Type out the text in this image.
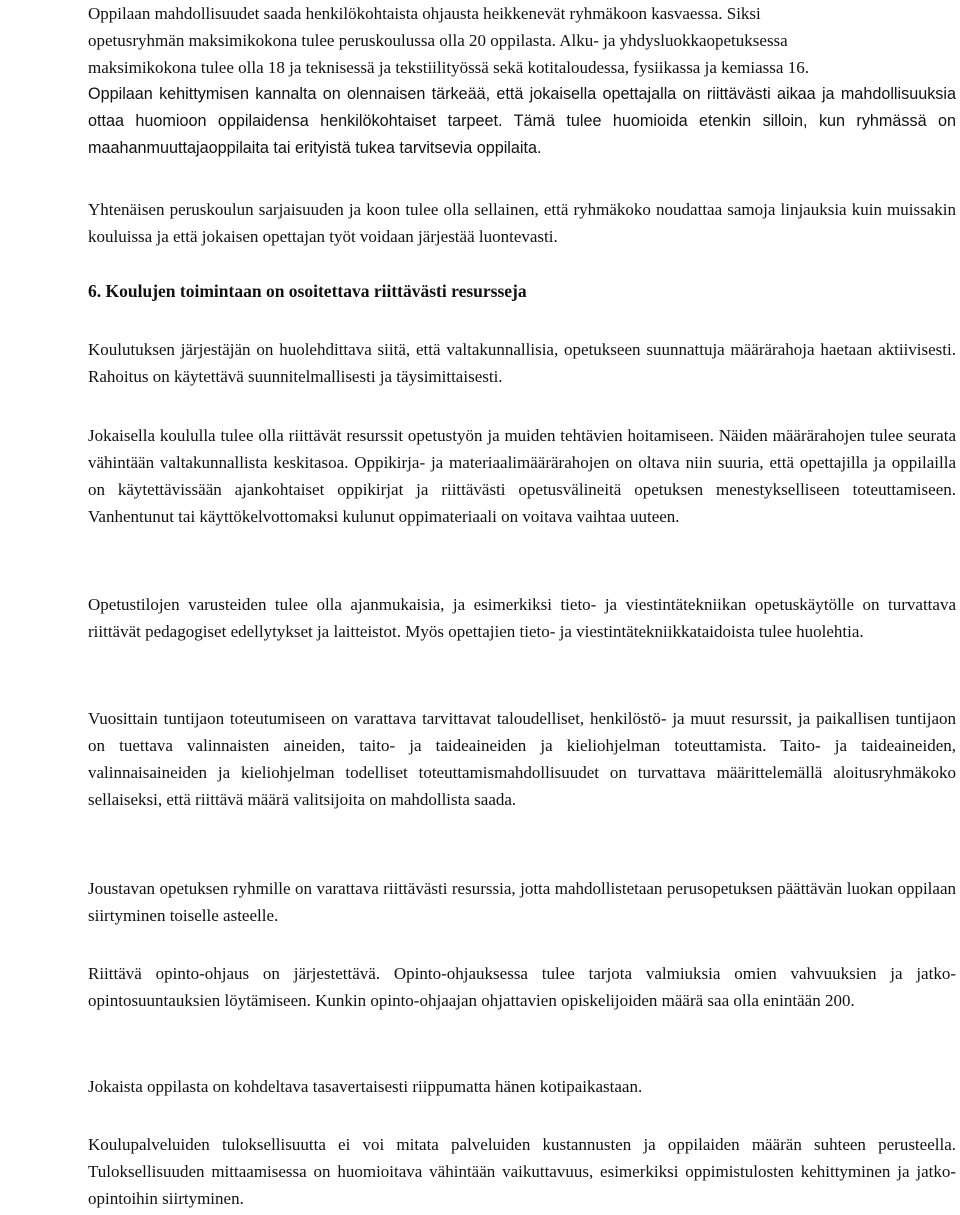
Oppilaan mahdollisuudet saada henkilökohtaista ohjausta heikkenevät ryhmäkoon kasvaessa. Siksi

opetusryhmän maksimikokona tulee peruskoulussa olla 20 oppilasta. Alku- ja yhdysluokkaopetuksessa

maksimikokona tulee olla 18 ja teknisessä ja tekstiilityössä sekä kotitaloudessa, fysiikassa ja kemiassa 16.

Oppilaan kehittymisen kannalta on olennaisen tärkeää, että jokaisella opettajalla on riittävästi aikaa ja mahdollisuuksia ottaa huomioon oppilaidensa henkilökohtaiset tarpeet. Tämä tulee huomioida etenkin silloin, kun ryhmässä on maahanmuuttajaoppilaita tai erityistä tukea tarvitsevia oppilaita.

Yhtenäisen peruskoulun sarjaisuuden ja koon tulee olla sellainen, että ryhmäkoko noudattaa samoja linjauksia kuin muissakin kouluissa ja että jokaisen opettajan työt voidaan järjestää luontevasti.

6. Koulujen toimintaan on osoitettava riittävästi resursseja

Koulutuksen järjestäjän on huolehdittava siitä, että valtakunnallisia, opetukseen suunnattuja määrärahoja haetaan aktiivisesti. Rahoitus on käytettävä suunnitelmallisesti ja täysimittaisesti.

Jokaisella koululla tulee olla riittävät resurssit opetustyön ja muiden tehtävien hoitamiseen. Näiden määrärahojen tulee seurata vähintään valtakunnallista keskitasoa. Oppikirja- ja materiaalimäärärahojen on oltava niin suuria, että opettajilla ja oppilailla on käytettävissään ajankohtaiset oppikirjat ja riittävästi opetusvälineitä opetuksen menestykselliseen toteuttamiseen. Vanhentunut tai käyttökelvottomaksi kulunut oppimateriaali on voitava vaihtaa uuteen.

Opetustilojen varusteiden tulee olla ajanmukaisia, ja esimerkiksi tieto- ja viestintätekniikan opetuskäytölle on turvattava riittävät pedagogiset edellytykset ja laitteistot. Myös opettajien tieto- ja viestintätekniikkataidoista tulee huolehtia.

Vuosittain tuntijaon toteutumiseen on varattava tarvittavat taloudelliset, henkilöstö- ja muut resurssit, ja paikallisen tuntijaon on tuettava valinnaisten aineiden, taito- ja taideaineiden ja kieliohjelman toteuttamista. Taito- ja taideaineiden, valinnaisaineiden ja kieliohjelman todelliset toteuttamismahdollisuudet on turvattava määrittelemällä aloitusryhmäkoko sellaiseksi, että riittävä määrä valitsijoita on mahdollista saada.

Joustavan opetuksen ryhmille on varattava riittävästi resurssia, jotta mahdollistetaan perusopetuksen päättävän luokan oppilaan siirtyminen toiselle asteelle.

Riittävä opinto-ohjaus on järjestettävä. Opinto-ohjauksessa tulee tarjota valmiuksia omien vahvuuksien ja jatko-opintosuuntauksien löytämiseen. Kunkin opinto-ohjaajan ohjattavien opiskelijoiden määrä saa olla enintään 200.

Jokaista oppilasta on kohdeltava tasavertaisesti riippumatta hänen kotipaikastaan.

Koulupalveluiden tuloksellisuutta ei voi mitata palveluiden kustannusten ja oppilaiden määrän suhteen perusteella. Tuloksellisuuden mittaamisessa on huomioitava vähintään vaikuttavuus, esimerkiksi oppimistulosten kehittyminen ja jatko-opintoihin siirtyminen.
